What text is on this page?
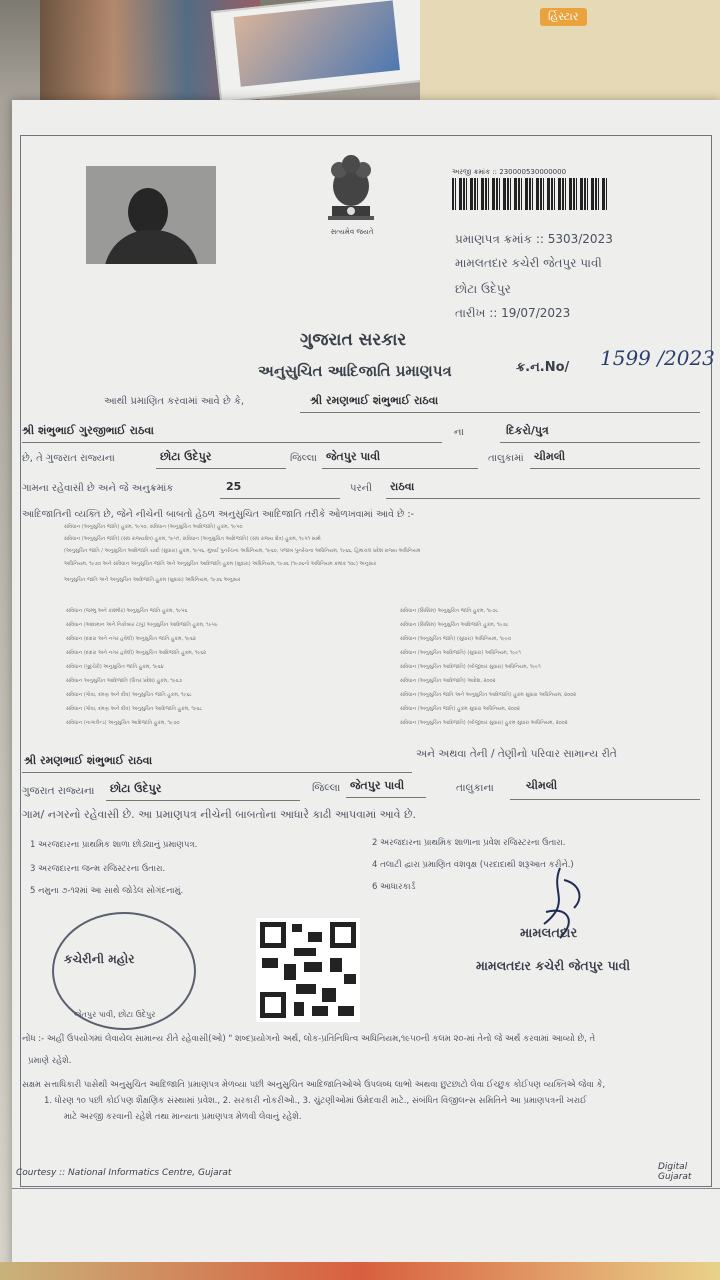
ર્હિસ્ટાર
સત્યમેવ જયતે
અરજી ક્રમાંક :: 230000530000000
પ્રમાણપત્ર ક્રમાંક :: 5303/2023
મામલતદાર કચેરી જેતપુર પાવી
છોટા ઉદેપુર
તારીખ :: 19/07/2023
ગુજરાત સરકાર
અનુસુચિત આદિજાતિ પ્રમાણપત્ર	ક્ર.ન.No/ 1599 /2023
આથી પ્રમાણિત કરવામાં આવે છે કે,	શ્રી રમણભાઈ શંભુભાઈ રાઠવા
શ્રી શંભુભાઈ ગુરજીભાઈ રાઠવા	ના	દિકરો/પુત્ર
છે, તે ગુજરાત રાજ્યના	છોટા ઉદેપુર	જિલ્લા જેતપુર પાવી	તાલુકામાં ચીમલી
ગામના રહેવાસી છે અને જે અનુક્રમાંક	25	પરની રાઠવા
આદિજાતિની વ્યક્તિ છે, જેને નીચેની બાબતો હેઠળ અનુસુચિત આદિજાતિ તરીકે ઓળખવામાં આવે છે :-
સંવિધાન (અનુસુચિત જાતિ) હુકમ, ૧૯૫૦, સંવિધાન (અનુસુચિત આદિજાતિ) હુકમ, ૧૯૫૦
સંવિધાન (અનુસુચિત જાતિ) (સંઘ રાજ્યક્ષેત્ર) હુકમ, ૧૯૫૧, સંવિધાન (અનુસુચિત આદિજાતિ) (સંઘ રાજ્ય ક્ષેત્ર) હુકમ, ૧૯૫૧ સાથે
(અનુસુચિત જાતિ / અનુસુચિત આદિજાતિ યાદી (સુધારા) હુકમ, ૧૯૫૬, મુંબઈ પુનર્રચના અધિનિયમ, ૧૯૬૦, પંજાબ પુનર્રચના અધિનિયમ, ૧૯૬૬, હિમાચલ પ્રદેશ રાજ્ય અધિનિયમ
અધિનિયમ, ૧૯૭૦ અને સંવિધાન અનુસુચિત જાતિ અને અનુસુચિત આદિજાતિ હુકમ (સુધારા) અધિનિયમ, ૧૯૭૬ (૧૯૭૬નો અધિનિયમ ક્રમાંક ૧૦૮) અનુસાર
અનુસુચિત જાતિ અને અનુસુચિત આદિજાતિ હુકમ (સુધારા) અધિનિયમ, ૧૯૭૬ અનુસાર
સંવિધાન (જમ્મુ અને કાશ્મીર) અનુસુચિત જાતિ હુકમ, ૧૯૫૬
સંવિધાન (આંદામાન અને નિકોબાર ટાપુ) અનુસુચિત આદિજાતિ હુકમ, ૧૯૫૯
સંવિધાન (દાદરા અને નગર હવેલી) અનુસુચિત જાતિ હુકમ, ૧૯૬૨
સંવિધાન (દાદરા અને નગર હવેલી) અનુસુચિત આદિજાતિ હુકમ, ૧૯૬૨
સંવિધાન (પુદુચેરી) અનુસુચિત જાતિ હુકમ, ૧૯૬૪
સંવિધાન અનુસુચિત આદિજાતિ (ઉત્તર પ્રદેશ) હુકમ, ૧૯૬૭
સંવિધાન (ગોવા, દમણ અને દીવ) અનુસુચિત જાતિ હુકમ, ૧૯૬૮
સંવિધાન (ગોવા, દમણ અને દીવ) અનુસુચિત આદિજાતિ હુકમ, ૧૯૬૮
સંવિધાન (નાગાલેન્ડ) અનુસુચિત આદિજાતિ હુકમ, ૧૯૭૦
સંવિધાન (સિક્કિમ) અનુસુચિત જાતિ હુકમ, ૧૯૭૮
સંવિધાન (સિક્કિમ) અનુસુચિત આદિજાતિ હુકમ, ૧૯૭૮
સંવિધાન (અનુસુચિત જાતિ) (સુધારા) અધિનિયમ, ૧૯૯૦
સંવિધાન (અનુસુચિત આદિજાતિ) (સુધારા) અધિનિયમ, ૧૯૯૧
સંવિધાન (અનુસુચિત આદિજાતિ) (બીજીવાર સુધારા) અધિનિયમ, ૧૯૯૧
સંવિધાન (અનુસુચિત આદિજાતિ) આદેશ, ૨૦૦૨
સંવિધાન (અનુસુચિત જાતિ અને અનુસુચિત આદિજાતિ) હુકમ સુધારા અધિનિયમ, ૨૦૦૨
સંવિધાન (અનુસુચિત જાતિ) હુકમ સુધારા અધિનિયમ, ૨૦૦૨
સંવિધાન (અનુસુચિત આદિજાતિ) (બીજીવાર સુધારા) હુકમ સુધારા અધિનિયમ, ૨૦૦૨
શ્રી રમણભાઈ શંભુભાઈ રાઠવા	અને અથવા તેની / તેણીનો પરિવાર સામાન્ય રીતે
ગુજરાત રાજ્યના છોટા ઉદેપુર	જિલ્લા જેતપુર પાવી	તાલુકાના	ચીમલી
ગામ/ નગરનો રહેવાસી છે. આ પ્રમાણપત્ર નીચેની બાબતોના આધારે કાઢી આપવામાં આવે છે.
1 અરજદારના પ્રાથમિક શાળા છોડ્યાનું પ્રમાણપત્ર.
3 અરજદારના જન્મ રજિસ્ટરના ઉતારા.
5 નમુના ૭-૧૨માં આ સાથે જોડેલ સોગંદનામું.
2 અરજદારના પ્રાથમિક શાળાના પ્રવેશ રજિસ્ટરના ઉતારા.
4 તલાટી દ્વારા પ્રમાણિત વંશવૃક્ષ (પરદાદાથી શરૂઆત કરીને.)
6 આધારકાર્ડ
મામલતદાર
મામલતદાર કચેરી જેતપુર પાવી
કચેરીની મહોર
જેતપુર પાવી, છોટા ઉદેપુર
નોંધ :- અહીં ઉપયોગમાં લેવાયેલ સામાન્ય રીતે રહેવાસી(ઓ) " શબ્દપ્રયોગનો અર્થ, લોક-પ્રતિનિધિત્વ અધિનિયમ,૧૯૫૦ની કલમ ૨૦-માં તેનો જે અર્થ કરવામાં આવ્યો છે, તે
પ્રમાણે રહેશે.
સક્ષમ સત્તાધિકારી પાસેથી અનુસુચિત આદિજાતિ પ્રમાણપત્ર મેળવ્યા પછી અનુસુચિત આદિજાતિઓએ ઉપલબ્ધ લાભો અથવા છુટછાટો લેવા ઈચ્છુક કોઈપણ વ્યક્તિએ જેવા કે,
1. ધોરણ ૧૦ પછી કોઈપણ શૈક્ષણિક સંસ્થામાં પ્રવેશ., 2. સરકારી નોકરીઓ., 3. ચુંટણીઓમાં ઉમેદવારી માટે., સંબંધિત વિજીલન્સ સમિતિને આ પ્રમાણપત્રની ખરાઈ
માટે અરજી કરવાની રહેશે તથા માન્યતા પ્રમાણપત્ર મેળવી લેવાનું રહેશે.
Courtesy :: National Informatics Centre, Gujarat
Digital Gujarat
